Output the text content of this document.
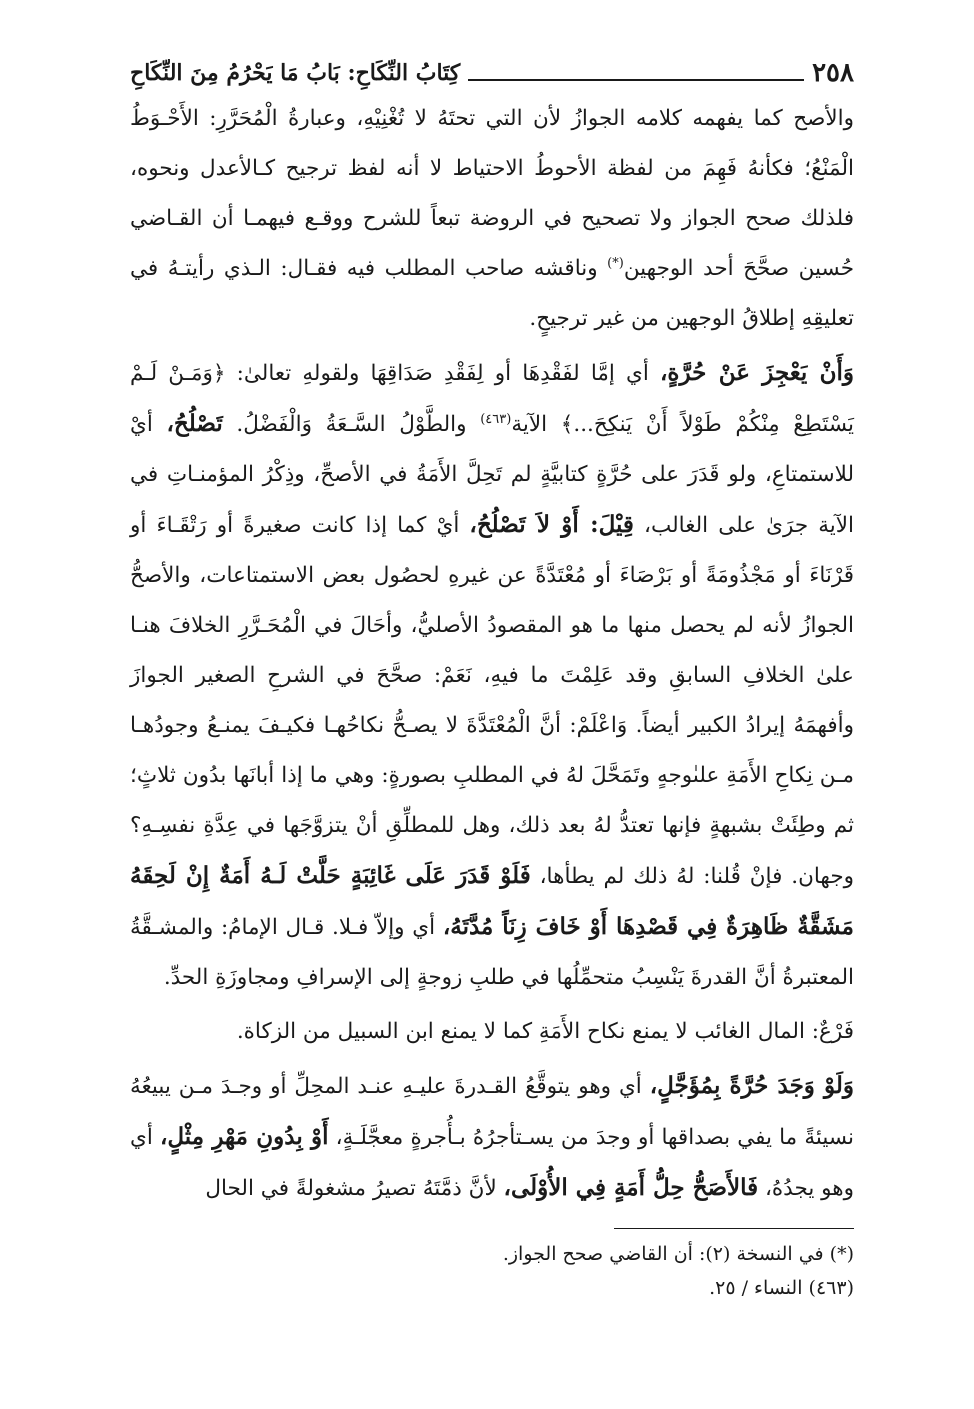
٢٥٨
كِتَابُ النِّكَاحِ: بَابُ مَا يَحْرُمُ مِنَ النِّكَاحِ

والأصح كما يفهمه كلامه الجوازُ لأن التي تحتَهُ لا تُغْنِيْهِ، وعبارةُ الْمُحَرَّرِ: الأَحْـوَطُ الْمَنْعُ؛ فكأنهُ فَهِمَ من لفظة الأحوطُ الاحتياط لا أنه لفظ ترجيح كـالأعدل ونحوه، فلذلك صحح الجواز ولا تصحيح في الروضة تبعاً للشرح ووقـع فيهمـا أن القـاضي حُسين صحَّحَ أحد الوجهين(*) وناقشه صاحب المطلب فيه فقـال: الـذي رأيتـهُ في تعليقِهِ إطلاقُ الوجهين من غير ترجيحٍ.

وَأَنْ يَعْجِزَ عَنْ حُرَّةٍ، أي إمَّا لفَقْدِهَا أو لِفَقْدِ صَدَاقِهَا ولقولهِ تعالىٰ: ﴿وَمَـنْ لَـمْ يَسْتَطِعْ مِنْكُمْ طَوْلاً أَنْ يَنكِحَ...﴾ الآية$^{(٤٦٣)}$ والطَّوْلُ السَّـعَةُ وَالْفَضْلُ. تَصْلُحُ، أيْ للاستمتاعِ، ولو قَدَرَ على حُرَّةٍ كتابيَّةٍ لم تَحِلَّ الأَمَةُ في الأصحِّ، وذِكْرُ المؤمنـاتِ في الآية جرَىٰ على الغالب، قِيْلَ: أَوْ لاَ تَصْلُحُ، أيْ كما إذا كانت صغيرةً أو رَتْقَـاءَ أو قَرْنَاءَ أو مَجْذُومَةً أو بَرْصَاءَ أو مُعْتَدَّةً عن غيرهِ لحصُول بعض الاستمتاعات، والأصحُّ الجوازُ لأنه لم يحصل منها ما هو المقصودُ الأصليُّ، وأحَالَ في الْمُحَـرَّرِ الخلافَ هنـا علىٰ الخلافِ السابقِ وقد عَلِمْتَ ما فيهِ، نَعَمْ: صحَّحَ في الشرحِ الصغير الجوازَ وأفهمَهُ إيرادُ الكبير أيضاً. وَاعْلَمْ: أنَّ الْمُعْتَدَّةَ لا يصـحُّ نكاحُهـا فكيـفَ يمنـعُ وجودُهـا مـن نِكاحِ الأَمَةِ علىٰوجهٍ وتَمَحَّلَ لهُ في المطلبِ بصورةٍ: وهي ما إذا أبانَها بدُون ثلاثٍ؛ ثم وطِئَتْ بشبهةٍ فإنها تعتدُّ لهُ بعد ذلك، وهل للمطلِّقِ أنْ يتزوَّجَها في عِدَّةِ نفسِـهِ؟ وجهان. فإنْ قُلنا: لهُ ذلك لم يطأها، فَلَوْ قَدَرَ عَلَى غَائِبَةٍ حَلَّتْ لَـهُ أَمَةٌ إِنْ لَحِقَهُ مَشَقَّةٌ ظَاهِرَةٌ فِي قَصْدِهَا أَوْ خَافَ زِنَاً مُدَّتَهُ، أي وإلاّ فـلا. قـال الإمامُ: والمشـقَّةُ المعتبرةُ أنَّ القدرةَ يَنْسِبُ متحمِّلُها في طلبِ زوجةٍ إلى الإسرافِ ومجاوزَةِ الحدِّ.

فَرْعٌ: المال الغائب لا يمنع نكاح الأَمَةِ كما لا يمنع ابن السبيل من الزكاة.

وَلَوْ وَجَدَ حُرَّةً بِمُؤَجَّلٍ، أي وهو يتوقَّعُ القـدرةَ عليـهِ عنـد المحِلِّ أو وجـدَ مـن يبيعُهُ نسيئةً ما يفي بصداقها أو وجدَ من يسـتأجرُهُ بـأُجرةٍ معجَّلَـةٍ، أَوْ بِدُونِ مَهْرِ مِثْلٍ، أي وهو يجدُهُ، فَالأَصَحُّ حِلُّ أَمَةٍ فِي الأُوْلَى، لأنَّ ذمَّتَهُ تصيرُ مشغولةً في الحال

(*) في النسخة (٢): أن القاضي صحح الجواز.

(٤٦٣) النساء / ٢٥.
